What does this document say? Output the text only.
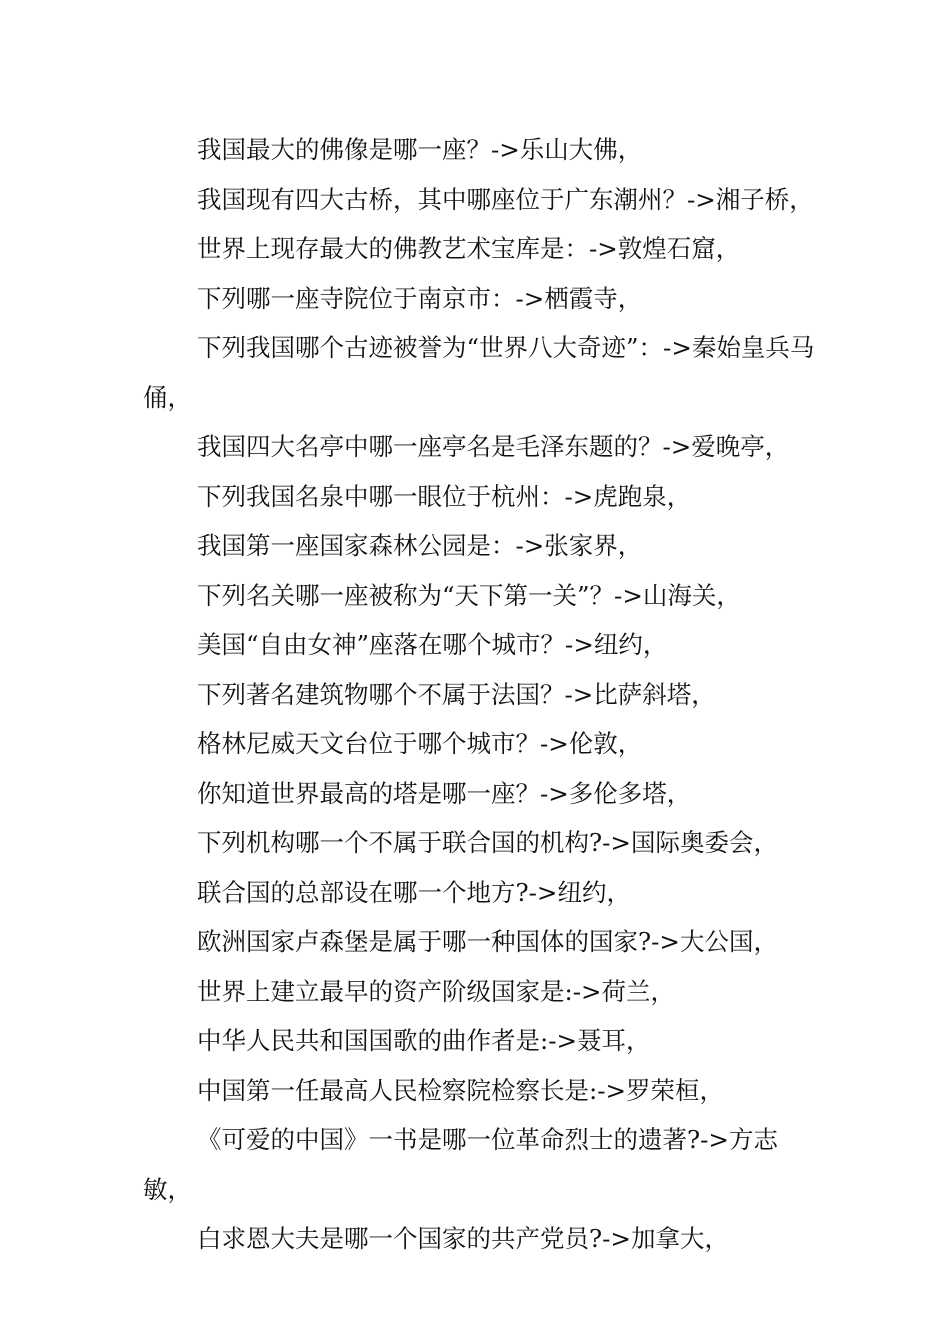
我国最大的佛像是哪一座？->乐山大佛，

我国现有四大古桥，其中哪座位于广东潮州？->湘子桥，

世界上现存最大的佛教艺术宝库是：->敦煌石窟，

下列哪一座寺院位于南京市：->栖霞寺，

下列我国哪个古迹被誉为“世界八大奇迹”：->秦始皇兵马俑，

我国四大名亭中哪一座亭名是毛泽东题的？->爱晚亭，

下列我国名泉中哪一眼位于杭州：->虎跑泉，

我国第一座国家森林公园是：->张家界，

下列名关哪一座被称为“天下第一关”？->山海关，

美国“自由女神”座落在哪个城市？->纽约，

下列著名建筑物哪个不属于法国？->比萨斜塔，

格林尼威天文台位于哪个城市？->伦敦，

你知道世界最高的塔是哪一座？->多伦多塔，

下列机构哪一个不属于联合国的机构?->国际奥委会，

联合国的总部设在哪一个地方?->纽约，

欧洲国家卢森堡是属于哪一种国体的国家?->大公国，

世界上建立最早的资产阶级国家是:->荷兰，

中华人民共和国国歌的曲作者是:->聂耳，

中国第一任最高人民检察院检察长是:->罗荣桓，

《可爱的中国》一书是哪一位革命烈士的遗著?->方志敏，

白求恩大夫是哪一个国家的共产党员?->加拿大，
